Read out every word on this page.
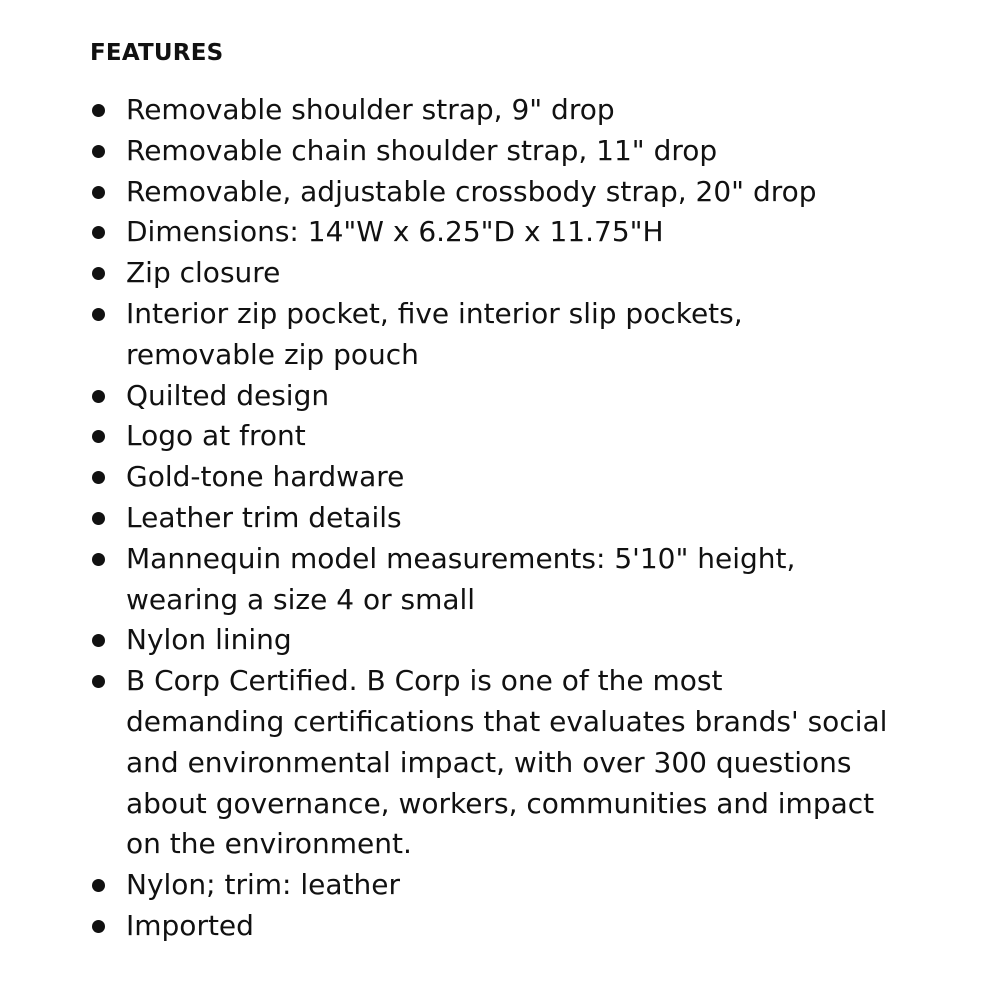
FEATURES
Removable shoulder strap, 9" drop
Removable chain shoulder strap, 11" drop
Removable, adjustable crossbody strap, 20" drop
Dimensions: 14"W x 6.25"D x 11.75"H
Zip closure
Interior zip pocket, five interior slip pockets,
removable zip pouch
Quilted design
Logo at front
Gold-tone hardware
Leather trim details
Mannequin model measurements: 5'10" height,
wearing a size 4 or small
Nylon lining
B Corp Certified. B Corp is one of the most
demanding certifications that evaluates brands' social
and environmental impact, with over 300 questions
about governance, workers, communities and impact
on the environment.
Nylon; trim: leather
Imported
